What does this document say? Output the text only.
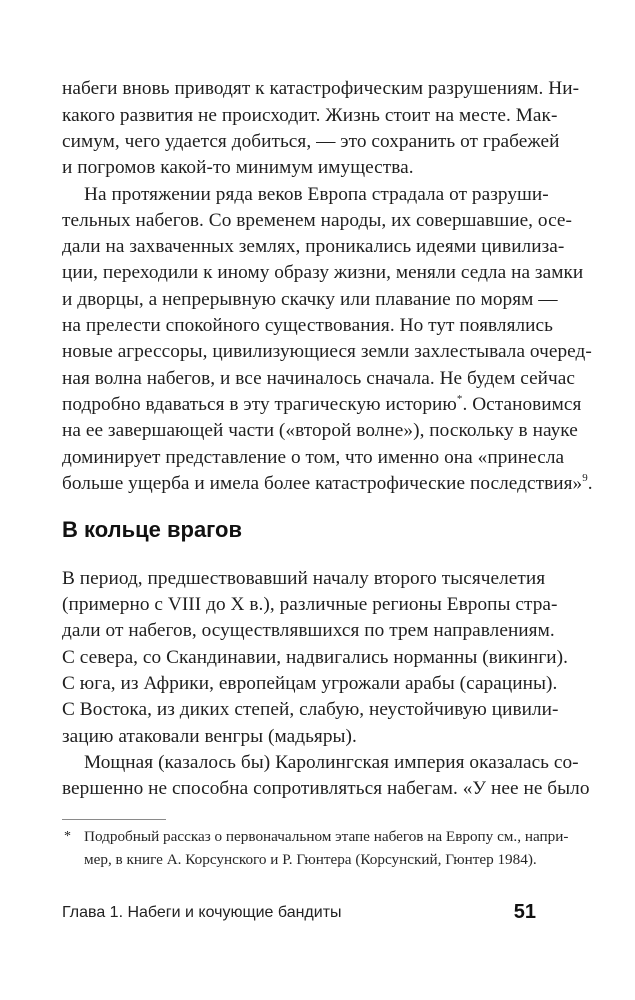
набеги вновь приводят к катастрофическим разрушениям. Ни-
какого развития не происходит. Жизнь стоит на месте. Мак-
симум, чего удается добиться, — это сохранить от грабежей
и погромов какой-то минимум имущества.
На протяжении ряда веков Европа страдала от разруши-
тельных набегов. Со временем народы, их совершавшие, осе-
дали на захваченных землях, проникались идеями цивилиза-
ции, переходили к иному образу жизни, меняли седла на замки
и дворцы, а непрерывную скачку или плавание по морям —
на прелести спокойного существования. Но тут появлялись
новые агрессоры, цивилизующиеся земли захлестывала очеред-
ная волна набегов, и все начиналось сначала. Не будем сейчас
подробно вдаваться в эту трагическую историю*. Остановимся
на ее завершающей части («второй волне»), поскольку в науке
доминирует представление о том, что именно она «принесла
больше ущерба и имела более катастрофические последствия»$^9$.
В кольце врагов
В период, предшествовавший началу второго тысячелетия
(примерно с VIII до X в.), различные регионы Европы стра-
дали от набегов, осуществлявшихся по трем направлениям.
С севера, со Скандинавии, надвигались норманны (викинги).
С юга, из Африки, европейцам угрожали арабы (сарацины).
С Востока, из диких степей, слабую, неустойчивую цивили-
зацию атаковали венгры (мадьяры).
Мощная (казалось бы) Каролингская империя оказалась со-
вершенно не способна сопротивляться набегам. «У нее не было
* Подробный рассказ о первоначальном этапе набегов на Европу см., напри-
мер, в книге А. Корсунского и Р. Гюнтера (Корсунский, Гюнтер 1984).
Глава 1. Набеги и кочующие бандиты	51
